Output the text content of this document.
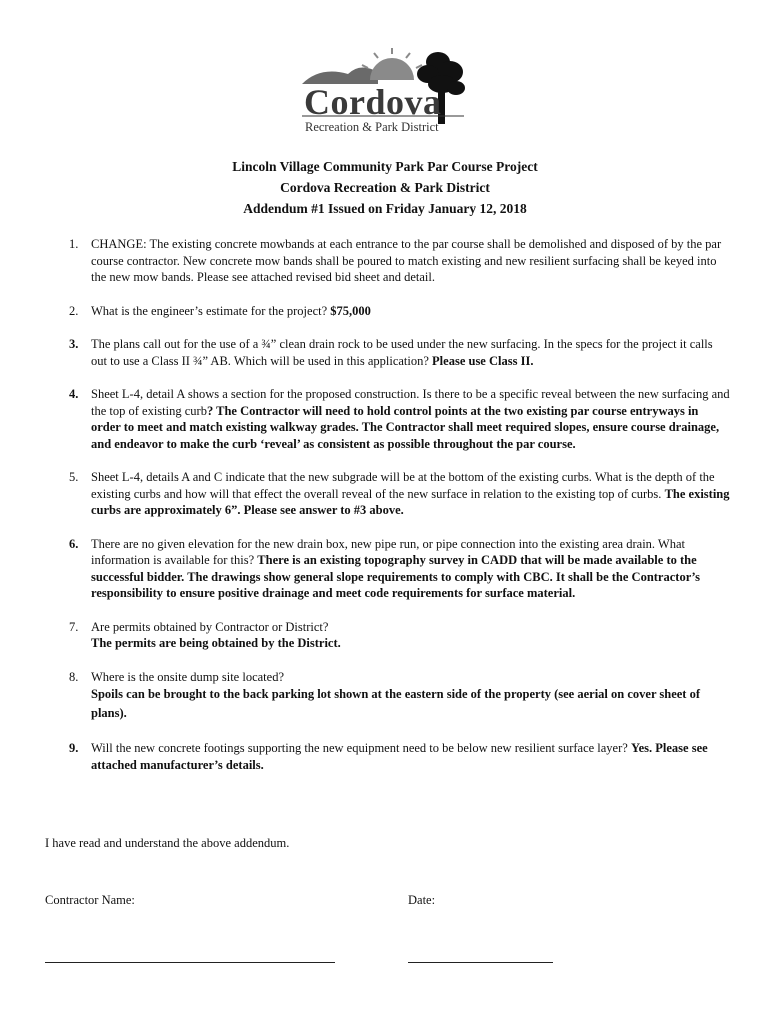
Cordova
Recreation & Park District
Lincoln Village Community Park Par Course Project
Cordova Recreation & Park District
Addendum #1 Issued on Friday January 12, 2018
1. CHANGE: The existing concrete mowbands at each entrance to the par course shall be demolished and disposed of by the par course contractor. New concrete mow bands shall be poured to match existing and new resilient surfacing shall be keyed into the new mow bands. Please see attached revised bid sheet and detail.
2. What is the engineer’s estimate for the project? $75,000
3. The plans call out for the use of a ¾” clean drain rock to be used under the new surfacing. In the specs for the project it calls out to use a Class II ¾” AB. Which will be used in this application? Please use Class II.
4. Sheet L-4, detail A shows a section for the proposed construction. Is there to be a specific reveal between the new surfacing and the top of existing curb? The Contractor will need to hold control points at the two existing par course entryways in order to meet and match existing walkway grades. The Contractor shall meet required slopes, ensure course drainage, and endeavor to make the curb ‘reveal’ as consistent as possible throughout the par course.
5. Sheet L-4, details A and C indicate that the new subgrade will be at the bottom of the existing curbs. What is the depth of the existing curbs and how will that effect the overall reveal of the new surface in relation to the existing top of curbs. The existing curbs are approximately 6”. Please see answer to #3 above.
6. There are no given elevation for the new drain box, new pipe run, or pipe connection into the existing area drain. What information is available for this? There is an existing topography survey in CADD that will be made available to the successful bidder. The drawings show general slope requirements to comply with CBC. It shall be the Contractor’s responsibility to ensure positive drainage and meet code requirements for surface material.
7. Are permits obtained by Contractor or District?
The permits are being obtained by the District.
8. Where is the onsite dump site located?
Spoils can be brought to the back parking lot shown at the eastern side of the property (see aerial on cover sheet of plans).
9. Will the new concrete footings supporting the new equipment need to be below new resilient surface layer? Yes. Please see attached manufacturer’s details.
I have read and understand the above addendum.
Contractor Name:	Date:
